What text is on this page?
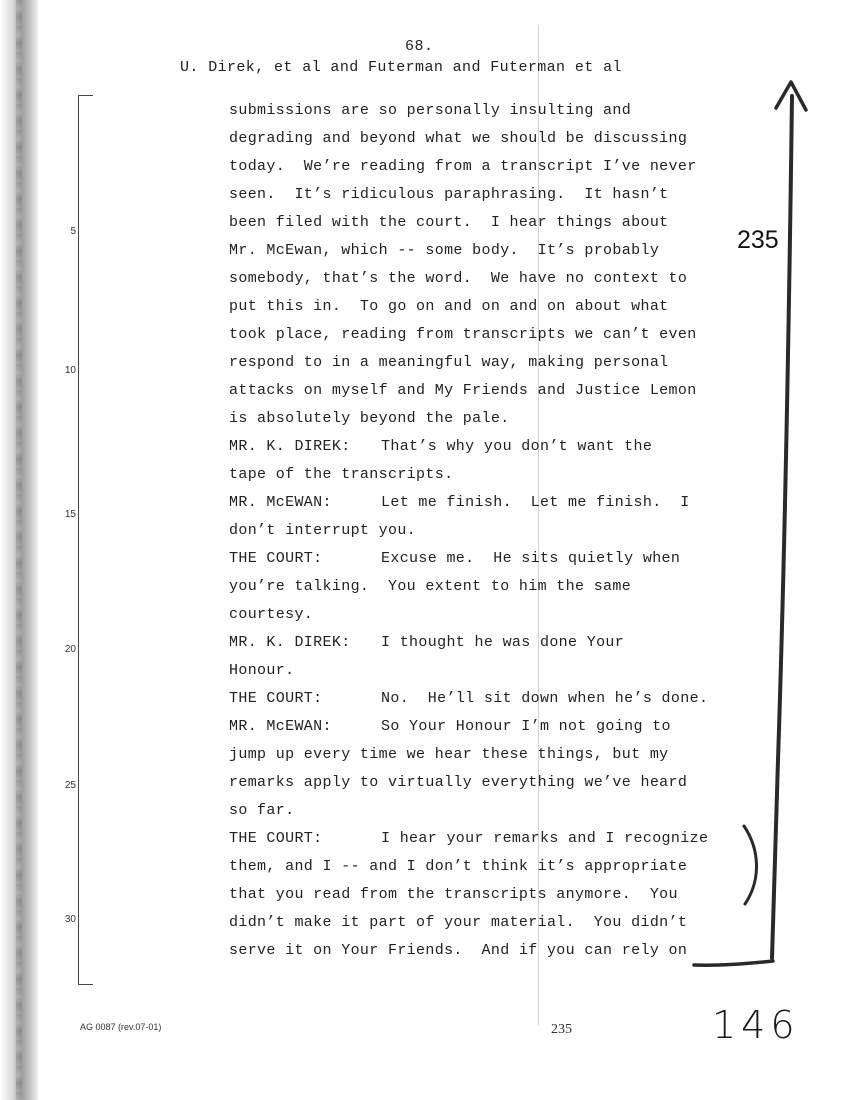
68.
U. Direk, et al and Futerman and Futerman et al
5
10
15
20
25
30
submissions are so personally insulting and
degrading and beyond what we should be discussing
today.  We’re reading from a transcript I’ve never
seen.  It’s ridiculous paraphrasing.  It hasn’t
been filed with the court.  I hear things about
Mr. McEwan, which -- some body.  It’s probably
somebody, that’s the word.  We have no context to
put this in.  To go on and on and on about what
took place, reading from transcripts we can’t even
respond to in a meaningful way, making personal
attacks on myself and My Friends and Justice Lemon
is absolutely beyond the pale.
MR. K. DIREK: That’s why you don’t want the
tape of the transcripts.
MR. McEWAN:	Let me finish.  Let me finish.  I
don’t interrupt you.
THE COURT:	Excuse me.  He sits quietly when
you’re talking.  You extent to him the same
courtesy.
MR. K. DIREK: I thought he was done Your
Honour.
THE COURT:	No.  He’ll sit down when he’s done.
MR. McEWAN:	So Your Honour I’m not going to
jump up every time we hear these things, but my
remarks apply to virtually everything we’ve heard
so far.
THE COURT:	I hear your remarks and I recognize
them, and I -- and I don’t think it’s appropriate
that you read from the transcripts anymore.  You
didn’t make it part of your material.  You didn’t
serve it on Your Friends.  And if you can rely on
235
146
AG 0087 (rev.07-01)	235
